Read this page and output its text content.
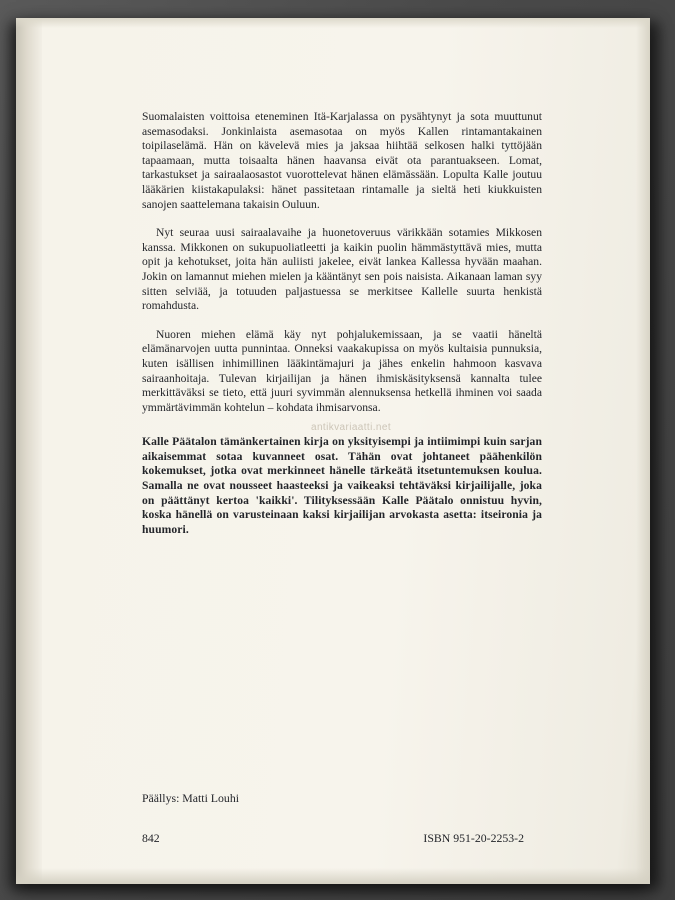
Suomalaisten voittoisa eteneminen Itä-Karjalassa on pysähtynyt ja sota muuttunut asemasodaksi. Jonkinlaista asemasotaa on myös Kallen rintamantakainen toipilaselämä. Hän on kävelevä mies ja jaksaa hiihtää selkosen halki tyttöjään tapaamaan, mutta toisaalta hänen haavansa eivät ota parantuakseen. Lomat, tarkastukset ja sairaalaosastot vuorottelevat hänen elämässään. Lopulta Kalle joutuu lääkärien kiistakapulaksi: hänet passitetaan rintamalle ja sieltä heti kiukkuisten sanojen saattelemana takaisin Ouluun.

Nyt seuraa uusi sairaalavaihe ja huonetoveruus värikkään sotamies Mikkosen kanssa. Mikkonen on sukupuoliatleetti ja kaikin puolin hämmästyttävä mies, mutta opit ja kehotukset, joita hän auliisti jakelee, eivät lankea Kallessa hyvään maahan. Jokin on lamannut miehen mielen ja kääntänyt sen pois naisista. Aikanaan laman syy sitten selviää, ja totuuden paljastuessa se merkitsee Kallelle suurta henkistä romahdusta.

Nuoren miehen elämä käy nyt pohjalukemissaan, ja se vaatii häneltä elämänarvojen uutta punnintaa. Onneksi vaakakupissa on myös kultaisia punnuksia, kuten isällisen inhimillinen lääkintämajuri ja jähes enkelin hahmoon kasvava sairaanhoitaja. Tulevan kirjailijan ja hänen ihmiskäsityksensä kannalta tulee merkittäväksi se tieto, että juuri syvimmän alennuksensa hetkellä ihminen voi saada ymmärtävimmän kohtelun – kohdata ihmisarvonsa.

Kalle Päätalon tämänkertainen kirja on yksityisempi ja intiimimpi kuin sarjan aikaisemmat sotaa kuvanneet osat. Tähän ovat johtaneet päähenkilön kokemukset, jotka ovat merkinneet hänelle tärkeätä itsetuntemuksen koulua. Samalla ne ovat nousseet haasteeksi ja vaikeaksi tehtäväksi kirjailijalle, joka on päättänyt kertoa 'kaikki'. Tilityksessään Kalle Päätalo onnistuu hyvin, koska hänellä on varusteinaan kaksi kirjailijan arvokasta asetta: itseironia ja huumori.

antikvariaatti.net

Päällys: Matti Louhi

842	ISBN 951-20-2253-2
